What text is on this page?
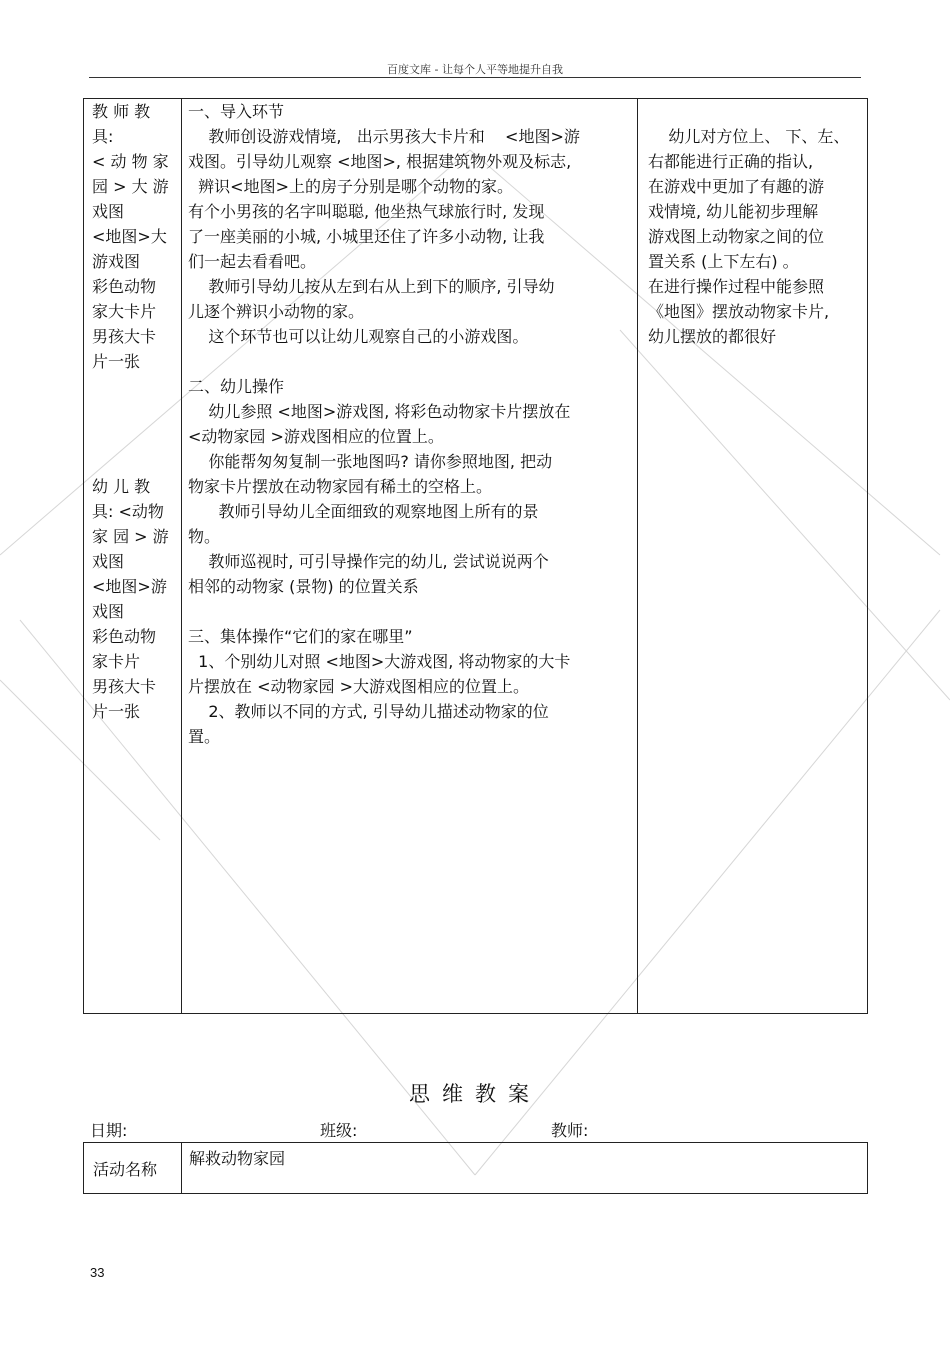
百度文库 - 让每个人平等地提升自我
教 师 教
具:
< 动 物 家
园 > 大 游
戏图
<地图>大
游戏图
彩色动物
家大卡片
男孩大卡
片一张

幼 儿 教
具: <动物
家 园 > 游
戏图
<地图>游
戏图
彩色动物
家卡片
男孩大卡
片一张
一、导入环节
教师创设游戏情境,   出示男孩大卡片和    <地图>游
戏图。引导幼儿观察 <地图>, 根据建筑物外观及标志,
辨识<地图>上的房子分别是哪个动物的家。
有个小男孩的名字叫聪聪, 他坐热气球旅行时, 发现
了一座美丽的小城, 小城里还住了许多小动物, 让我
们一起去看看吧。
教师引导幼儿按从左到右从上到下的顺序, 引导幼
儿逐个辨识小动物的家。
这个环节也可以让幼儿观察自己的小游戏图。

二、幼儿操作
幼儿参照 <地图>游戏图, 将彩色动物家卡片摆放在
<动物家园 >游戏图相应的位置上。
你能帮匆匆复制一张地图吗? 请你参照地图, 把动
物家卡片摆放在动物家园有稀土的空格上。
教师引导幼儿全面细致的观察地图上所有的景
物。
教师巡视时, 可引导操作完的幼儿, 尝试说说两个
相邻的动物家 (景物) 的位置关系

三、集体操作“它们的家在哪里”
1、个别幼儿对照 <地图>大游戏图, 将动物家的大卡
片摆放在 <动物家园 >大游戏图相应的位置上。
2、教师以不同的方式, 引导幼儿描述动物家的位
置。

幼儿对方位上、 下、左、
右都能进行正确的指认,
在游戏中更加了有趣的游
戏情境, 幼儿能初步理解
游戏图上动物家之间的位
置关系 (上下左右) 。
在进行操作过程中能参照
《地图》摆放动物家卡片,
幼儿摆放的都很好
思维教案
日期:	班级:	教师:
活动名称
解救动物家园
33
